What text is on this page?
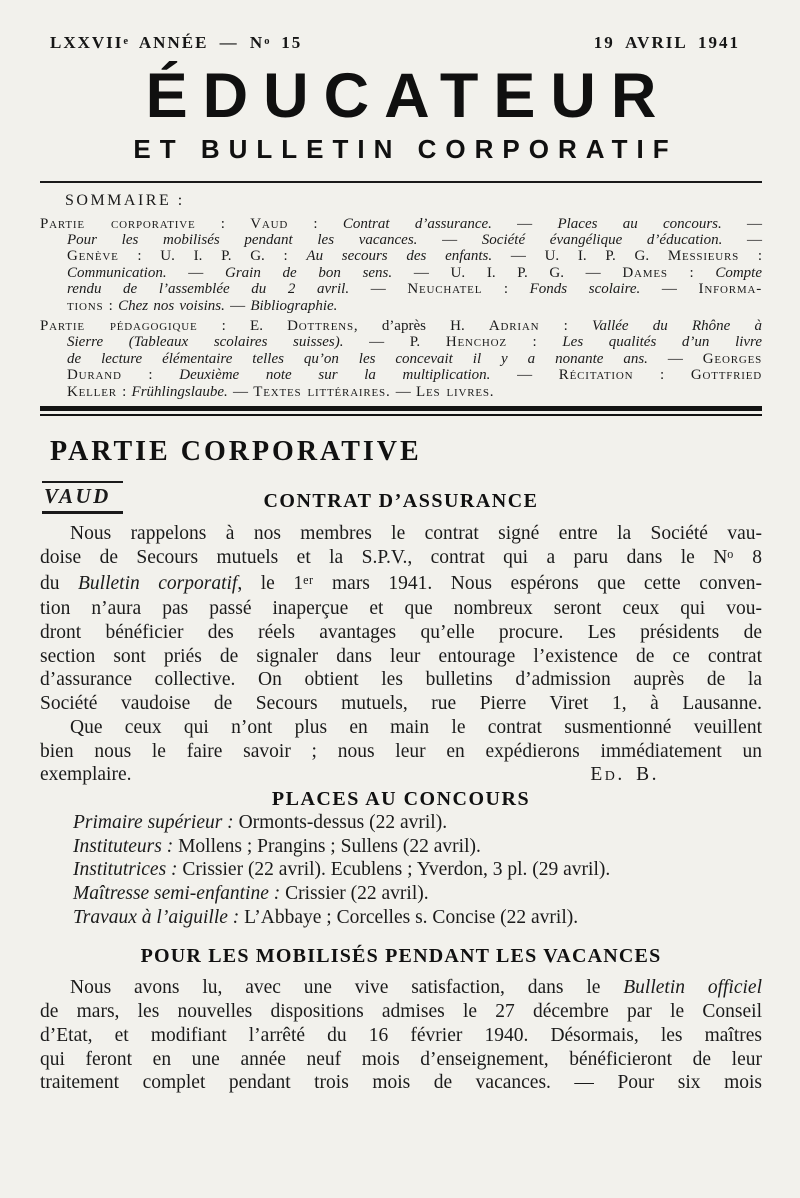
LXXVIIe ANNÉE — $N^o$ 15	19 AVRIL 1941
ÉDUCATEUR
ET BULLETIN CORPORATIF
SOMMAIRE :
Partie corporative : Vaud : Contrat d’assurance. — Places au concours. —
Pour les mobilisés pendant les vacances. — Société évangélique d’éducation. —
Genève : U. I. P. G. : Au secours des enfants. — U. I. P. G. Messieurs :
Communication. — Grain de bon sens. — U. I. P. G. — Dames : Compte
rendu de l’assemblée du 2 avril. — Neuchatel : Fonds scolaire. — Informa-
tions : Chez nos voisins. — Bibliographie.
Partie pédagogique : E. Dottrens, d’après H. Adrian : Vallée du Rhône à
Sierre (Tableaux scolaires suisses). — P. Henchoz : Les qualités d’un livre
de lecture élémentaire telles qu’on les concevait il y a nonante ans. — Georges
Durand : Deuxième note sur la multiplication. — Récitation : Gottfried
Keller : Frühlingslaube. — Textes littéraires. — Les livres.
PARTIE CORPORATIVE
VAUD	CONTRAT D’ASSURANCE
Nous rappelons à nos membres le contrat signé entre la Société vau-
doise de Secours mutuels et la S.P.V., contrat qui a paru dans le $N^o$ 8
du Bulletin corporatif, le 1er mars 1941. Nous espérons que cette conven-
tion n’aura pas passé inaperçue et que nombreux seront ceux qui vou-
dront bénéficier des réels avantages qu’elle procure. Les présidents de
section sont priés de signaler dans leur entourage l’existence de ce contrat
d’assurance collective. On obtient les bulletins d’admission auprès de la
Société vaudoise de Secours mutuels, rue Pierre Viret 1, à Lausanne.
Que ceux qui n’ont plus en main le contrat susmentionné veuillent
bien nous le faire savoir ; nous leur en expédierons immédiatement un
exemplaire.	Ed. B.
PLACES AU CONCOURS
Primaire supérieur : Ormonts-dessus (22 avril).
Instituteurs : Mollens ; Prangins ; Sullens (22 avril).
Institutrices : Crissier (22 avril). Ecublens ; Yverdon, 3 pl. (29 avril).
Maîtresse semi-enfantine : Crissier (22 avril).
Travaux à l’aiguille : L’Abbaye ; Corcelles s. Concise (22 avril).
POUR LES MOBILISÉS PENDANT LES VACANCES
Nous avons lu, avec une vive satisfaction, dans le Bulletin officiel
de mars, les nouvelles dispositions admises le 27 décembre par le Conseil
d’Etat, et modifiant l’arrêté du 16 février 1940. Désormais, les maîtres
qui feront en une année neuf mois d’enseignement, bénéficieront de leur
traitement complet pendant trois mois de vacances. — Pour six mois
